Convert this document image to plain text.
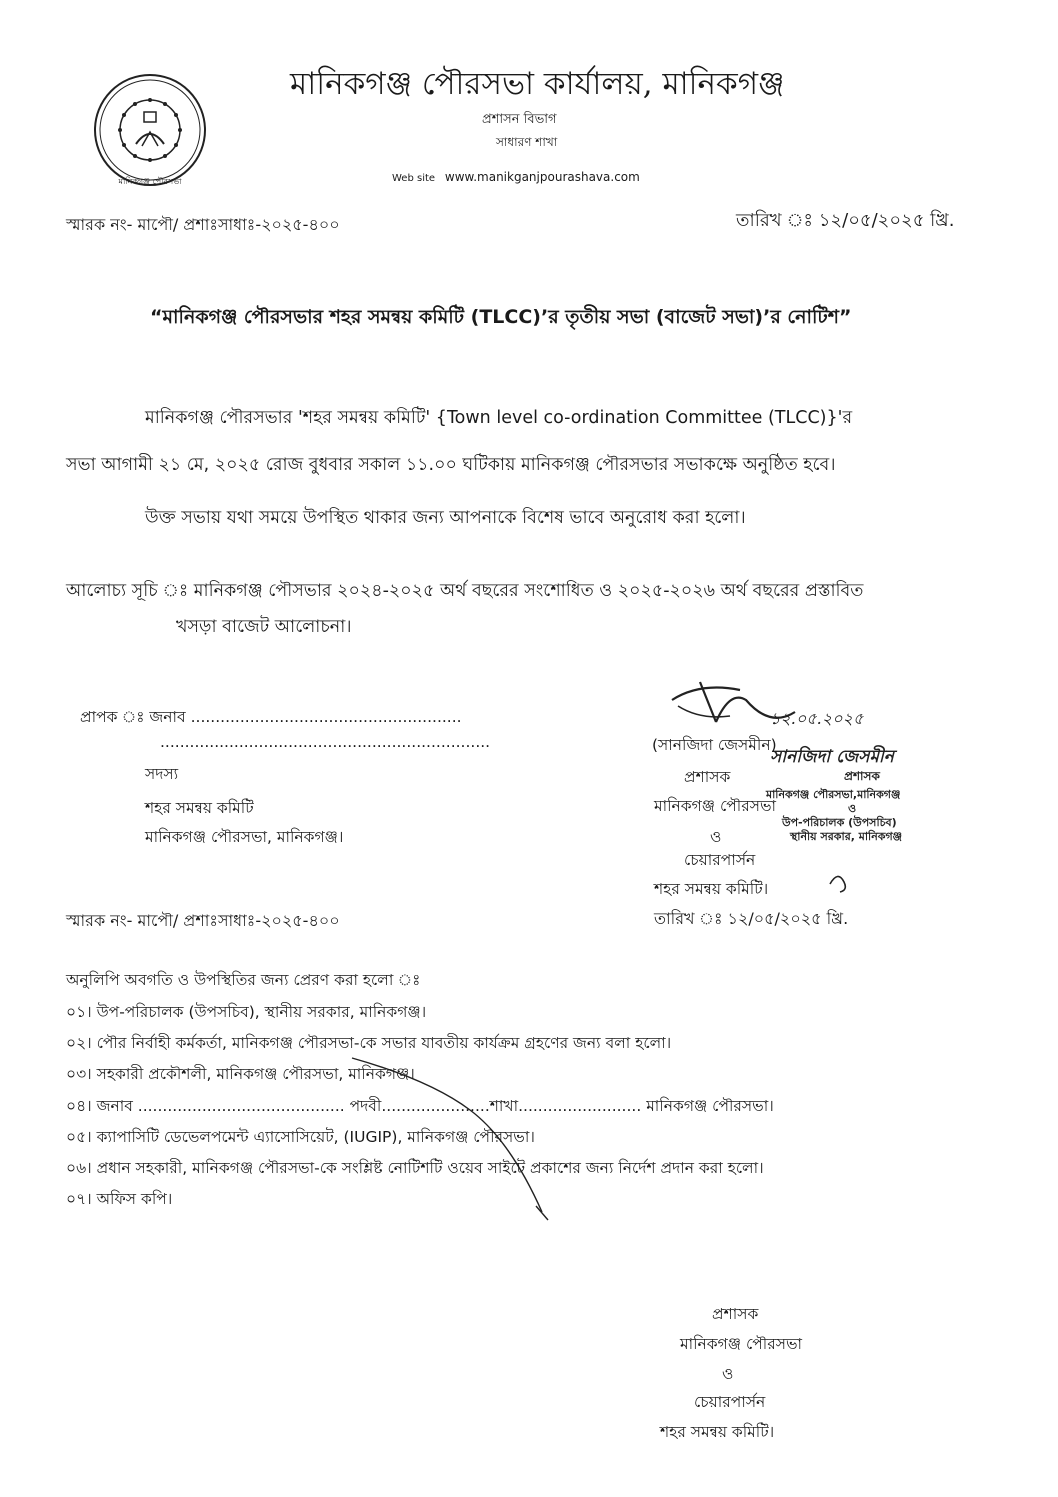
মানিকগঞ্জ পৌরসভা
মানিকগঞ্জ পৌরসভা কার্যালয়, মানিকগঞ্জ
প্রশাসন বিভাগ
সাধারণ শাখা
Web site www.manikganjpourashava.com
স্মারক নং- মাপৌ/ প্রশাঃসাধাঃ-২০২৫-৪০০	তারিখ ঃ ১২/০৫/২০২৫ খ্রি.
“মানিকগঞ্জ পৌরসভার শহর সমন্বয় কমিটি (TLCC)’র তৃতীয় সভা (বাজেট সভা)’র নোটিশ”
মানিকগঞ্জ পৌরসভার 'শহর সমন্বয় কমিটি' {Town level co-ordination Committee (TLCC)}'র
সভা আগামী ২১ মে, ২০২৫ রোজ বুধবার সকাল ১১.০০ ঘটিকায় মানিকগঞ্জ পৌরসভার সভাকক্ষে অনুষ্ঠিত হবে।
উক্ত সভায় যথা সময়ে উপস্থিত থাকার জন্য আপনাকে বিশেষ ভাবে অনুরোধ করা হলো।
আলোচ্য সূচি ঃ মানিকগঞ্জ পৌসভার ২০২৪-২০২৫ অর্থ বছরের সংশোধিত ও ২০২৫-২০২৬ অর্থ বছরের প্রস্তাবিত
খসড়া বাজেট আলোচনা।
প্রাপক ঃ জনাব .......................................................
...................................................................
সদস্য
শহর সমন্বয় কমিটি
মানিকগঞ্জ পৌরসভা, মানিকগঞ্জ।
১২.০৫.২০২৫
সানজিদা জেসমীন
প্রশাসক
মানিকগঞ্জ পৌরসভা,মানিকগঞ্জ
ও
উপ-পরিচালক (উপসচিব)
স্থানীয় সরকার, মানিকগঞ্জ
(সানজিদা জেসমীন)
প্রশাসক
মানিকগঞ্জ পৌরসভা
ও
চেয়ারপার্সন
শহর সমন্বয় কমিটি।
স্মারক নং- মাপৌ/ প্রশাঃসাধাঃ-২০২৫-৪০০	তারিখ ঃ ১২/০৫/২০২৫ খ্রি.
অনুলিপি অবগতি ও উপস্থিতির জন্য প্রেরণ করা হলো ঃ
০১। উপ-পরিচালক (উপসচিব), স্থানীয় সরকার, মানিকগঞ্জ।
০২। পৌর নির্বাহী কর্মকর্তা, মানিকগঞ্জ পৌরসভা-কে সভার যাবতীয় কার্যক্রম গ্রহণের জন্য বলা হলো।
০৩। সহকারী প্রকৌশলী, মানিকগঞ্জ পৌরসভা, মানিকগঞ্জ।
০৪। জনাব .......................................... পদবী......................শাখা......................... মানিকগঞ্জ পৌরসভা।
০৫। ক্যাপাসিটি ডেভেলপমেন্ট এ্যাসোসিয়েট, (IUGIP), মানিকগঞ্জ পৌরসভা।
০৬। প্রধান সহকারী, মানিকগঞ্জ পৌরসভা-কে সংশ্লিষ্ট নোটিশটি ওয়েব সাইটে প্রকাশের জন্য নির্দেশ প্রদান করা হলো।
০৭। অফিস কপি।
প্রশাসক
মানিকগঞ্জ পৌরসভা
ও
চেয়ারপার্সন
শহর সমন্বয় কমিটি।
